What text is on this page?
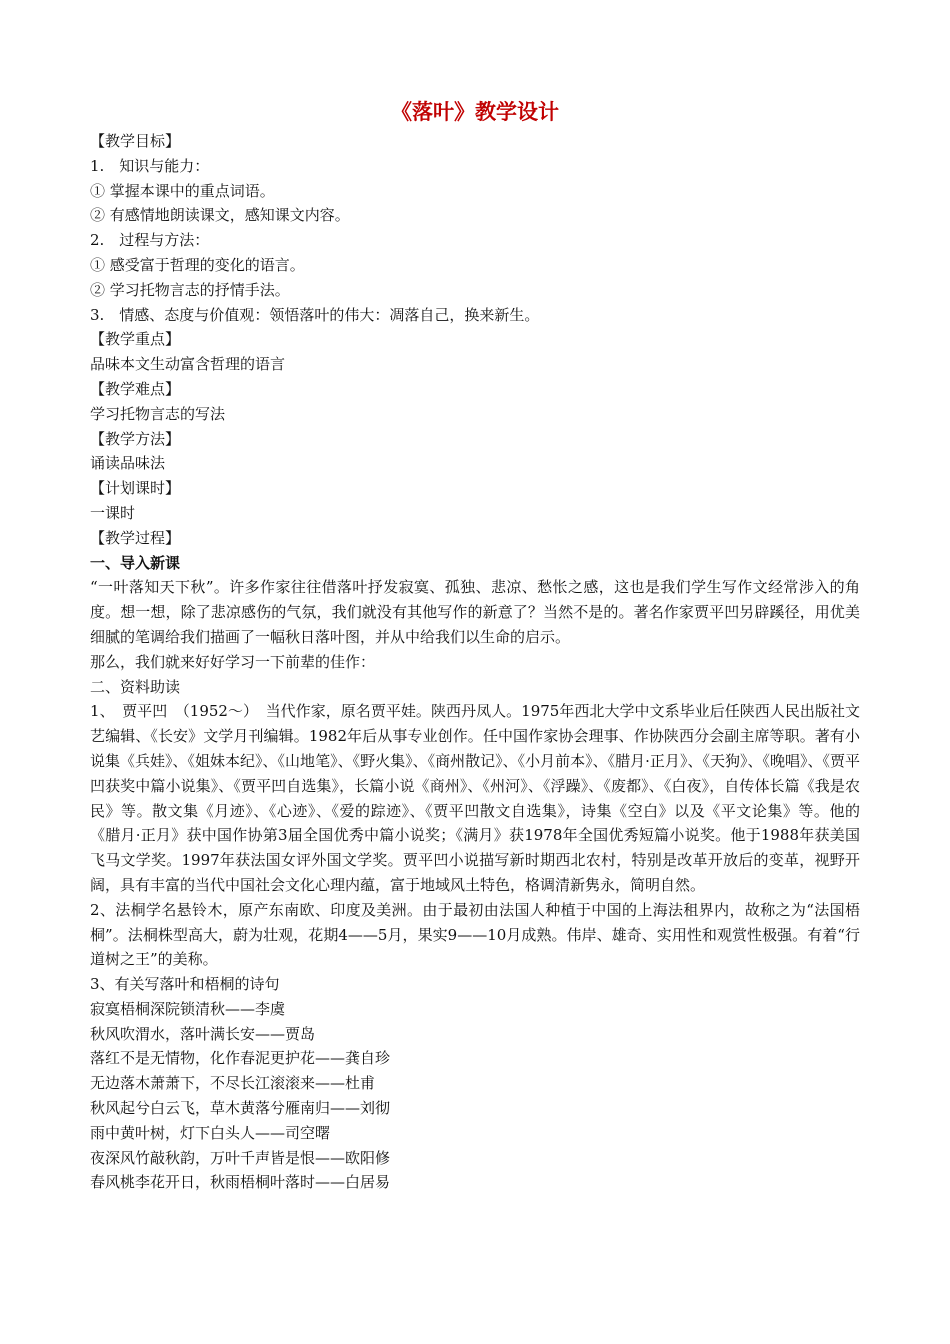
《落叶》教学设计

【教学目标】

1.　知识与能力：

① 掌握本课中的重点词语。

② 有感情地朗读课文，感知课文内容。

2.　过程与方法：

① 感受富于哲理的变化的语言。

② 学习托物言志的抒情手法。

3.　情感、态度与价值观：领悟落叶的伟大：凋落自己，换来新生。

【教学重点】

品味本文生动富含哲理的语言

【教学难点】

学习托物言志的写法

【教学方法】

诵读品味法

【计划课时】

一课时

【教学过程】

一、导入新课

“一叶落知天下秋”。许多作家往往借落叶抒发寂寞、孤独、悲凉、愁怅之感，这也是我们学生写作文经常涉入的角度。想一想，除了悲凉感伤的气氛，我们就没有其他写作的新意了？当然不是的。著名作家贾平凹另辟蹊径，用优美细腻的笔调给我们描画了一幅秋日落叶图，并从中给我们以生命的启示。

那么，我们就来好好学习一下前辈的佳作：

二、资料助读

1、　贾平凹　（1952～）　当代作家，原名贾平娃。陕西丹凤人。1975年西北大学中文系毕业后任陕西人民出版社文艺编辑、《长安》文学月刊编辑。1982年后从事专业创作。任中国作家协会理事、作协陕西分会副主席等职。著有小说集《兵娃》、《姐妹本纪》、《山地笔》、《野火集》、《商州散记》、《小月前本》、《腊月·正月》、《天狗》、《晚唱》、《贾平凹获奖中篇小说集》、《贾平凹自选集》，长篇小说《商州》、《州河》、《浮躁》、《废都》、《白夜》，自传体长篇《我是农民》等。散文集《月迹》、《心迹》、《爱的踪迹》、《贾平凹散文自选集》，诗集《空白》以及《平文论集》等。他的《腊月·正月》获中国作协第3届全国优秀中篇小说奖；《满月》获1978年全国优秀短篇小说奖。他于1988年获美国飞马文学奖。1997年获法国女评外国文学奖。贾平凹小说描写新时期西北农村，特别是改革开放后的变革，视野开阔，具有丰富的当代中国社会文化心理内蕴，富于地域风土特色，格调清新隽永，简明自然。

2、法桐学名悬铃木，原产东南欧、印度及美洲。由于最初由法国人种植于中国的上海法租界内，故称之为“法国梧桐”。法桐株型高大，蔚为壮观，花期4——5月，果实9——10月成熟。伟岸、雄奇、实用性和观赏性极强。有着“行道树之王”的美称。

3、有关写落叶和梧桐的诗句

寂寞梧桐深院锁清秋——李虞

秋风吹渭水，落叶满长安——贾岛

落红不是无情物，化作春泥更护花——龚自珍

无边落木萧萧下，不尽长江滚滚来——杜甫

秋风起兮白云飞，草木黄落兮雁南归——刘彻

雨中黄叶树，灯下白头人——司空曙

夜深风竹敲秋韵，万叶千声皆是恨——欧阳修

春风桃李花开日，秋雨梧桐叶落时——白居易
